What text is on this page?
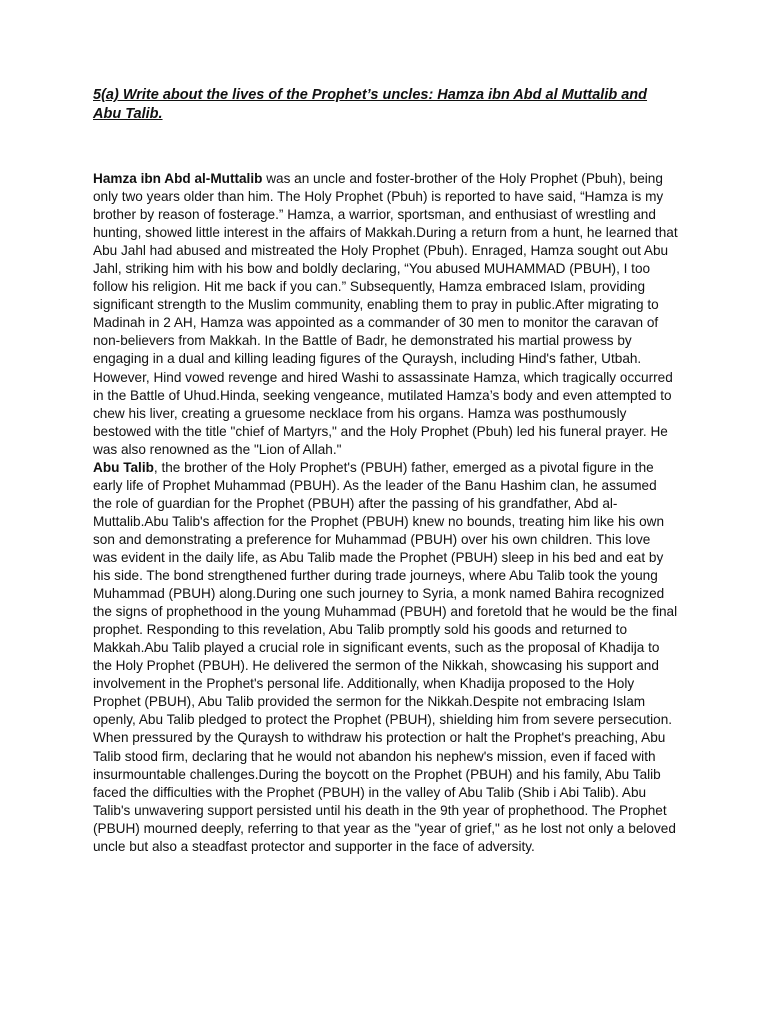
5(a) Write about the lives of the Prophet’s uncles: Hamza ibn Abd al Muttalib and Abu Talib.

Hamza ibn Abd al-Muttalib was an uncle and foster-brother of the Holy Prophet (Pbuh), being only two years older than him. The Holy Prophet (Pbuh) is reported to have said, “Hamza is my brother by reason of fosterage.” Hamza, a warrior, sportsman, and enthusiast of wrestling and hunting, showed little interest in the affairs of Makkah.During a return from a hunt, he learned that Abu Jahl had abused and mistreated the Holy Prophet (Pbuh). Enraged, Hamza sought out Abu Jahl, striking him with his bow and boldly declaring, “You abused MUHAMMAD (PBUH), I too follow his religion. Hit me back if you can.” Subsequently, Hamza embraced Islam, providing significant strength to the Muslim community, enabling them to pray in public.After migrating to Madinah in 2 AH, Hamza was appointed as a commander of 30 men to monitor the caravan of non-believers from Makkah. In the Battle of Badr, he demonstrated his martial prowess by engaging in a dual and killing leading figures of the Quraysh, including Hind's father, Utbah. However, Hind vowed revenge and hired Washi to assassinate Hamza, which tragically occurred in the Battle of Uhud.Hinda, seeking vengeance, mutilated Hamza’s body and even attempted to chew his liver, creating a gruesome necklace from his organs. Hamza was posthumously bestowed with the title "chief of Martyrs," and the Holy Prophet (Pbuh) led his funeral prayer. He was also renowned as the "Lion of Allah."

Abu Talib, the brother of the Holy Prophet's (PBUH) father, emerged as a pivotal figure in the early life of Prophet Muhammad (PBUH). As the leader of the Banu Hashim clan, he assumed the role of guardian for the Prophet (PBUH) after the passing of his grandfather, Abd al-Muttalib.Abu Talib's affection for the Prophet (PBUH) knew no bounds, treating him like his own son and demonstrating a preference for Muhammad (PBUH) over his own children. This love was evident in the daily life, as Abu Talib made the Prophet (PBUH) sleep in his bed and eat by his side. The bond strengthened further during trade journeys, where Abu Talib took the young Muhammad (PBUH) along.During one such journey to Syria, a monk named Bahira recognized the signs of prophethood in the young Muhammad (PBUH) and foretold that he would be the final prophet. Responding to this revelation, Abu Talib promptly sold his goods and returned to Makkah.Abu Talib played a crucial role in significant events, such as the proposal of Khadija to the Holy Prophet (PBUH). He delivered the sermon of the Nikkah, showcasing his support and involvement in the Prophet's personal life. Additionally, when Khadija proposed to the Holy Prophet (PBUH), Abu Talib provided the sermon for the Nikkah.Despite not embracing Islam openly, Abu Talib pledged to protect the Prophet (PBUH), shielding him from severe persecution. When pressured by the Quraysh to withdraw his protection or halt the Prophet's preaching, Abu Talib stood firm, declaring that he would not abandon his nephew's mission, even if faced with insurmountable challenges.During the boycott on the Prophet (PBUH) and his family, Abu Talib faced the difficulties with the Prophet (PBUH) in the valley of Abu Talib (Shib i Abi Talib). Abu Talib's unwavering support persisted until his death in the 9th year of prophethood. The Prophet (PBUH) mourned deeply, referring to that year as the "year of grief," as he lost not only a beloved uncle but also a steadfast protector and supporter in the face of adversity.
